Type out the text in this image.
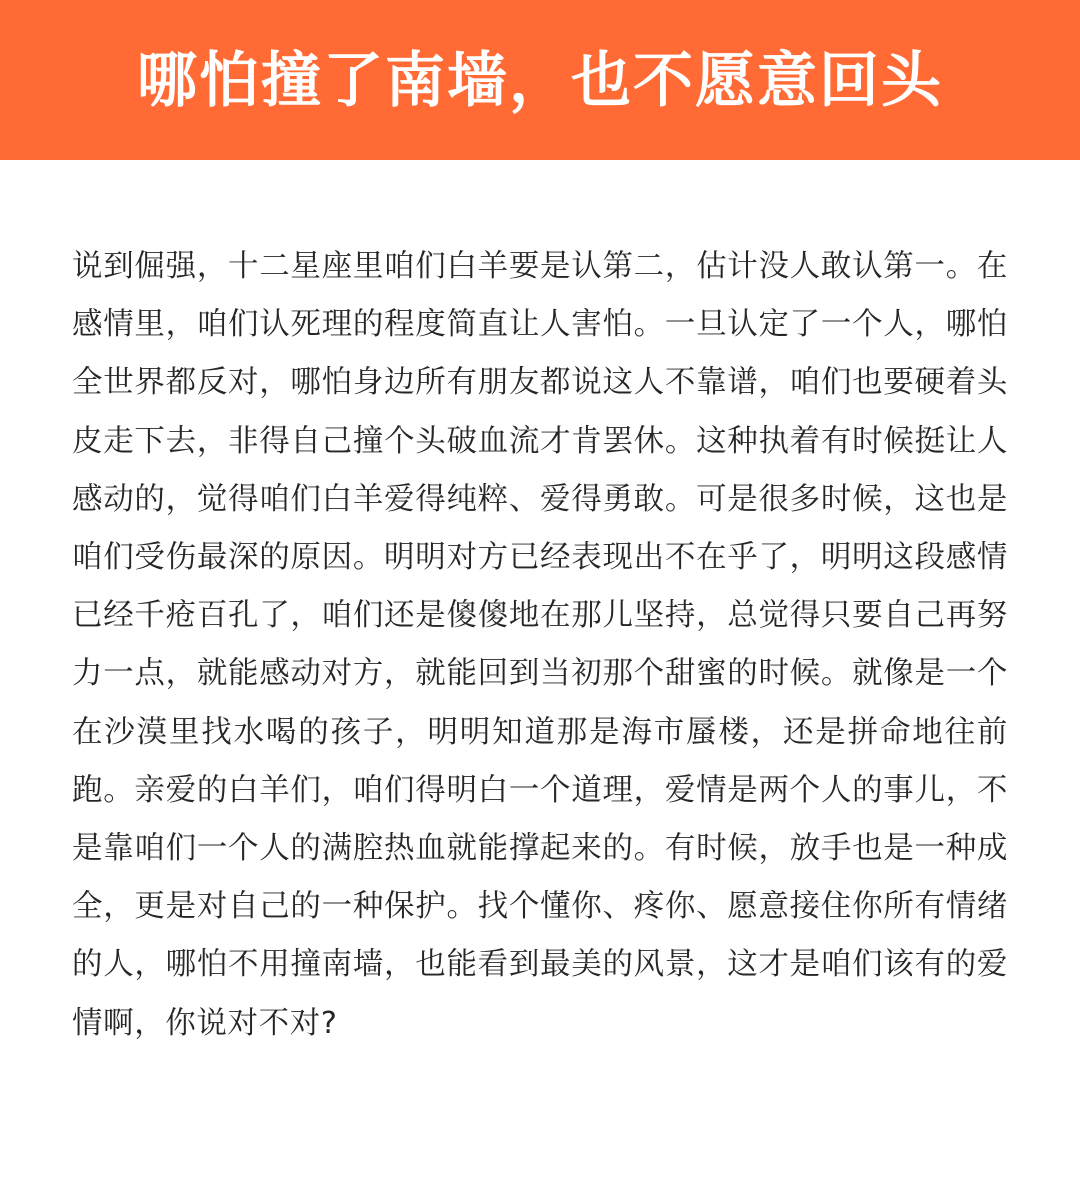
哪怕撞了南墙，也不愿意回头

说到倔强，十二星座里咱们白羊要是认第二，估计没人敢认第一。在感情里，咱们认死理的程度简直让人害怕。一旦认定了一个人，哪怕全世界都反对，哪怕身边所有朋友都说这人不靠谱，咱们也要硬着头皮走下去，非得自己撞个头破血流才肯罢休。这种执着有时候挺让人感动的，觉得咱们白羊爱得纯粹、爱得勇敢。可是很多时候，这也是咱们受伤最深的原因。明明对方已经表现出不在乎了，明明这段感情已经千疮百孔了，咱们还是傻傻地在那儿坚持，总觉得只要自己再努力一点，就能感动对方，就能回到当初那个甜蜜的时候。就像是一个在沙漠里找水喝的孩子，明明知道那是海市蜃楼，还是拼命地往前跑。亲爱的白羊们，咱们得明白一个道理，爱情是两个人的事儿，不是靠咱们一个人的满腔热血就能撑起来的。有时候，放手也是一种成全，更是对自己的一种保护。找个懂你、疼你、愿意接住你所有情绪的人，哪怕不用撞南墙，也能看到最美的风景，这才是咱们该有的爱情啊，你说对不对?
